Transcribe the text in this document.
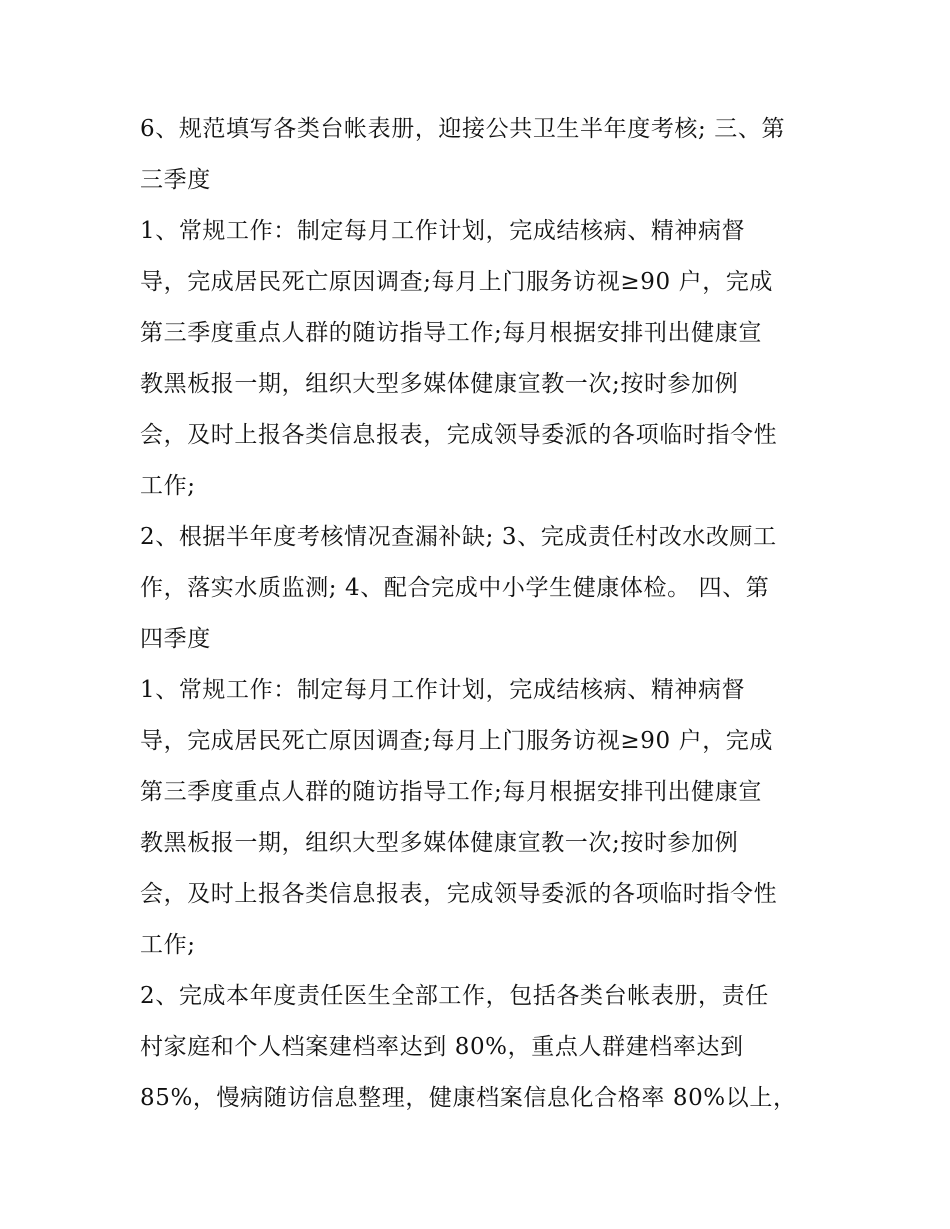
6、规范填写各类台帐表册，迎接公共卫生半年度考核; 三、第
三季度
1、常规工作：制定每月工作计划，完成结核病、精神病督
导，完成居民死亡原因调查;每月上门服务访视≥90 户，完成
第三季度重点人群的随访指导工作;每月根据安排刊出健康宣
教黑板报一期，组织大型多媒体健康宣教一次;按时参加例
会，及时上报各类信息报表，完成领导委派的各项临时指令性
工作;
2、根据半年度考核情况查漏补缺; 3、完成责任村改水改厕工
作，落实水质监测; 4、配合完成中小学生健康体检。 四、第
四季度
1、常规工作：制定每月工作计划，完成结核病、精神病督
导，完成居民死亡原因调查;每月上门服务访视≥90 户，完成
第三季度重点人群的随访指导工作;每月根据安排刊出健康宣
教黑板报一期，组织大型多媒体健康宣教一次;按时参加例
会，及时上报各类信息报表，完成领导委派的各项临时指令性
工作;
2、完成本年度责任医生全部工作，包括各类台帐表册，责任
村家庭和个人档案建档率达到 80%，重点人群建档率达到
85%，慢病随访信息整理，健康档案信息化合格率 80%以上，
